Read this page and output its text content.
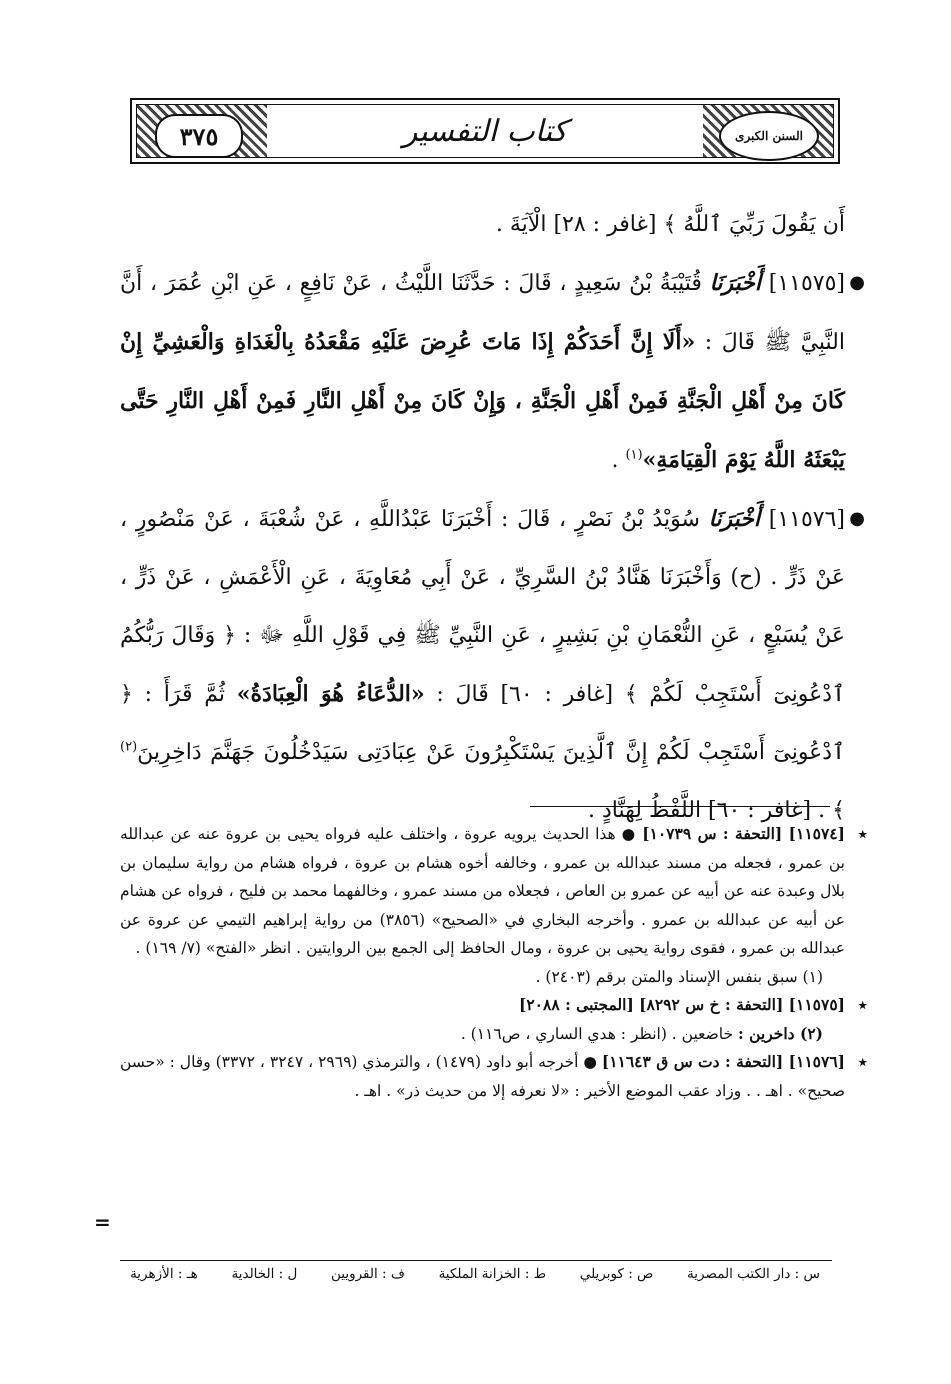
٣٧٥	كتاب التفسير	السنن الكبرى

أَن يَقُولَ رَبِّيَ ٱللَّهُ ﴾ [غافر : ٢٨] الْآيَةَ .

●
[١١٥٧٥] أَخْبَرَنَا قُتَيْبَةُ بْنُ سَعِيدٍ ، قَالَ : حَدَّثَنَا اللَّيْثُ ، عَنْ نَافِعٍ ، عَنِ ابْنِ عُمَرَ ، أَنَّ النَّبِيَّ ﷺ قَالَ : «أَلَا إِنَّ أَحَدَكُمْ إِذَا مَاتَ عُرِضَ عَلَيْهِ مَقْعَدُهُ بِالْغَدَاةِ وَالْعَشِيِّ إِنْ كَانَ مِنْ أَهْلِ الْجَنَّةِ فَمِنْ أَهْلِ الْجَنَّةِ ، وَإِنْ كَانَ مِنْ أَهْلِ النَّارِ فَمِنْ أَهْلِ النَّارِ حَتَّى يَبْعَثَهُ اللَّهُ يَوْمَ الْقِيَامَةِ»$^{(١)}$ .

●
[١١٥٧٦] أَخْبَرَنَا سُوَيْدُ بْنُ نَصْرٍ ، قَالَ : أَخْبَرَنَا عَبْدُاللَّهِ ، عَنْ شُعْبَةَ ، عَنْ مَنْصُورٍ ، عَنْ ذَرٍّ . (ح) وَأَخْبَرَنَا هَنَّادُ بْنُ السَّرِيِّ ، عَنْ أَبِي مُعَاوِيَةَ ، عَنِ الْأَعْمَشِ ، عَنْ ذَرٍّ ، عَنْ يُسَيْعٍ ، عَنِ النُّعْمَانِ بْنِ بَشِيرٍ ، عَنِ النَّبِيِّ ﷺ فِي قَوْلِ اللَّهِ ﷻ : ﴿ وَقَالَ رَبُّكُمُ ٱدْعُونِىٓ أَسْتَجِبْ لَكُمْ ﴾ [غافر : ٦٠] قَالَ : «الدُّعَاءُ هُوَ الْعِبَادَةُ» ثُمَّ قَرَأَ : ﴿ ٱدْعُونِىٓ أَسْتَجِبْ لَكُمْ إِنَّ ٱلَّذِينَ يَسْتَكْبِرُونَ عَنْ عِبَادَتِى سَيَدْخُلُونَ جَهَنَّمَ دَاخِرِينَ$^{(٢)}$ ﴾ . [غافر : ٦٠] اللَّفْظُ لِهَنَّادٍ .

٭
[١١٥٧٤] [التحفة : س ١٠٧٣٩] ● هذا الحديث يرويه عروة ، واختلف عليه فرواه يحيى بن عروة عنه عن عبدالله بن عمرو ، فجعله من مسند عبدالله بن عمرو ، وخالفه أخوه هشام بن عروة ، فرواه هشام من رواية سليمان بن بلال وعبدة عنه عن أبيه عن عمرو بن العاص ، فجعلاه من مسند عمرو ، وخالفهما محمد بن فليح ، فرواه عن هشام عن أبيه عن عبدالله بن عمرو . وأخرجه البخاري في «الصحيح» (٣٨٥٦) من رواية إبراهيم التيمي عن عروة عن عبدالله بن عمرو ، فقوى رواية يحيى بن عروة ، ومال الحافظ إلى الجمع بين الروايتين . انظر «الفتح» (٧/ ١٦٩) .

(١) سبق بنفس الإسناد والمتن برقم (٢٤٠٣) .

٭
[١١٥٧٥] [التحفة : خ س ٨٢٩٢] [المجتبى : ٢٠٨٨]

(٢) داخرين : خاضعين . (انظر : هدي الساري ، ص١١٦) .

٭
[١١٥٧٦] [التحفة : دت س ق ١١٦٤٣] ● أخرجه أبو داود (١٤٧٩) ، والترمذي (٢٩٦٩ ، ٣٢٤٧ ، ٣٣٧٢) وقال : «حسن صحيح» . اهـ . . وزاد عقب الموضع الأخير : «لا نعرفه إلا من حديث ذر» . اهـ .

=
س : دار الكتب المصرية
ص : كوبريلي
ط : الخزانة الملكية
ف : القرويين
ل : الخالدية
هـ : الأزهرية
